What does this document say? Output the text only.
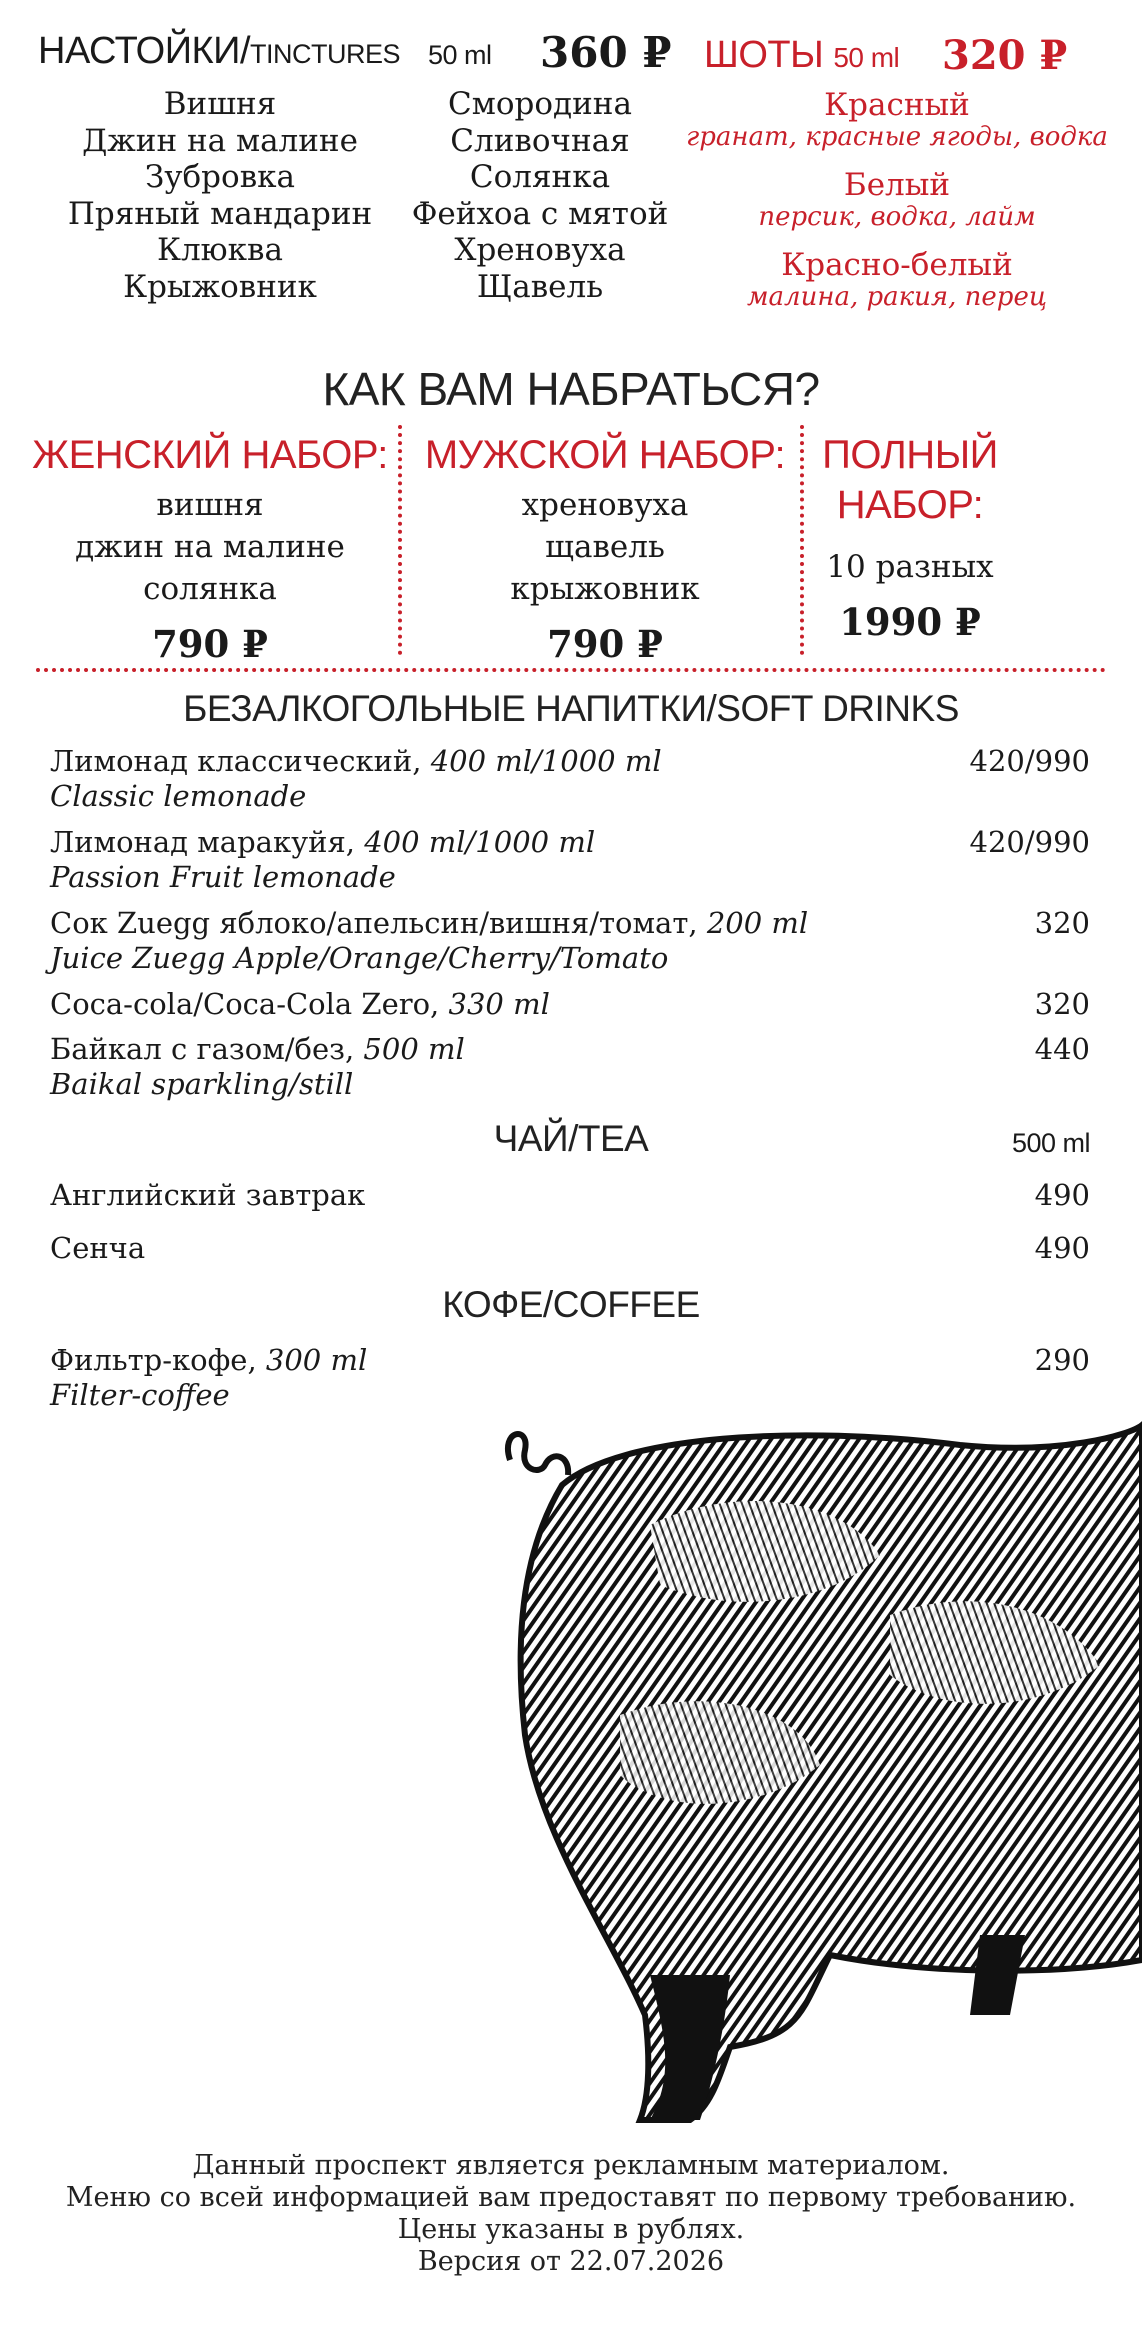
НАСТОЙКИ/TINCTURES 50 ml 360 ₽
Вишня
Джин на малине
Зубровка
Пряный мандарин
Клюква
Крыжовник
Смородина
Сливочная
Солянка
Фейхоа с мятой
Хреновуха
Щавель
ШОТЫ 50 ml 320 ₽
Красный
гранат, красные ягоды, водка
Белый
персик, водка, лайм
Красно-белый
малина, ракия, перец
КАК ВАМ НАБРАТЬСЯ?
ЖЕНСКИЙ НАБОР:
вишня
джин на малине
солянка
790 ₽
МУЖСКОЙ НАБОР:
хреновуха
щавель
крыжовник
790 ₽
ПОЛНЫЙ
НАБОР:
10 разных
1990 ₽
БЕЗАЛКОГОЛЬНЫЕ НАПИТКИ/SOFT DRINKS
Лимонад классический, 400 ml/1000 ml
Classic lemonade
420/990
Лимонад маракуйя, 400 ml/1000 ml
Passion Fruit lemonade
420/990
Сок Zuegg яблоко/апельсин/вишня/томат, 200 ml
Juice Zuegg Apple/Orange/Cherry/Tomato
320
Coca-cola/Coca-Cola Zero, 330 ml	320
Байкал с газом/без, 500 ml
Baikal sparkling/still
440
ЧАЙ/TEA	500 ml
Английский завтрак	490
Сенча	490
КОФЕ/COFFEE
Фильтр-кофе, 300 ml
Filter-coffee
290
Данный проспект является рекламным материалом.
Меню со всей информацией вам предоставят по первому требованию.
Цены указаны в рублях.
Версия от 22.07.2026
